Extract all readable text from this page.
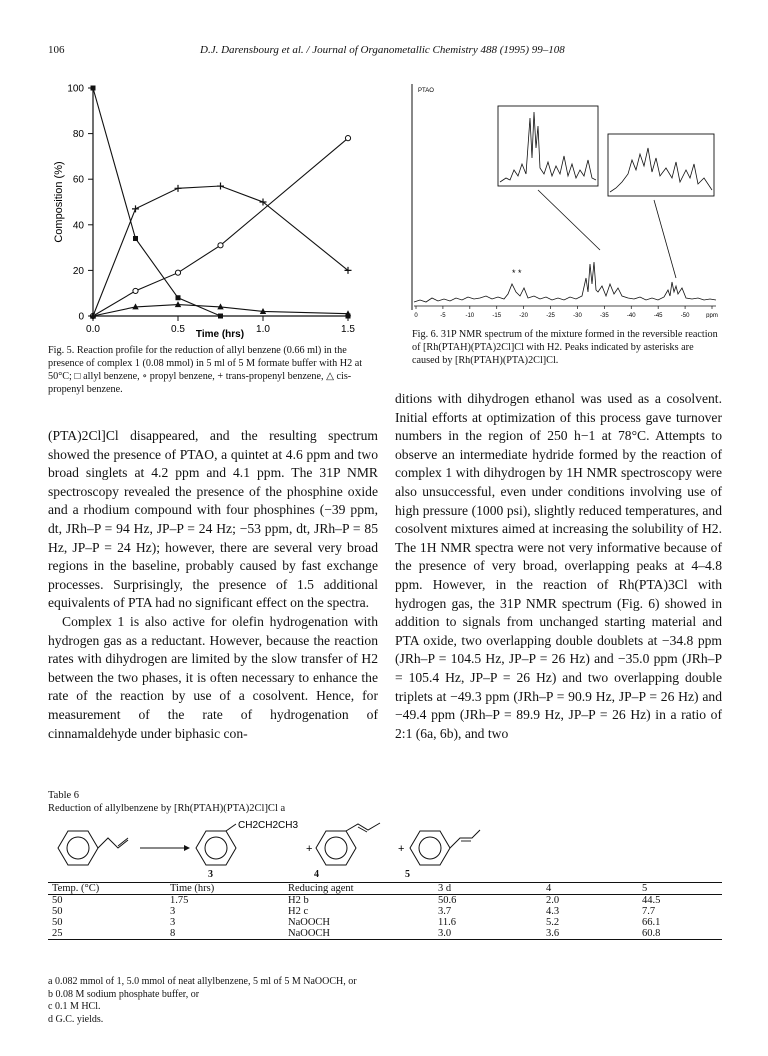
106	D.J. Darensbourg et al. / Journal of Organometallic Chemistry 488 (1995) 99–108
0
20
40
60
80
100
0.0	0.5	1.0	1.5
Composition (%)
Time (hrs)
Fig. 5. Reaction profile for the reduction of allyl benzene (0.66 ml) in the presence of complex 1 (0.08 mmol) in 5 ml of 5 M formate buffer with H2 at 50°C; □ allyl benzene, ∘ propyl benzene, + trans-propenyl benzene, △ cis-propenyl benzene.
PTAO
* *
0	-5	-10	-15	-20	-25	-30	-35	-40	-45	-50	ppm
Fig. 6. 31P NMR spectrum of the mixture formed in the reversible reaction of [Rh(PTAH)(PTA)2Cl]Cl with H2. Peaks indicated by asterisks are caused by [Rh(PTAH)(PTA)2Cl]Cl.

(PTA)2Cl]Cl disappeared, and the resulting spectrum showed the presence of PTAO, a quintet at 4.6 ppm and two broad singlets at 4.2 ppm and 4.1 ppm. The 31P NMR spectroscopy revealed the presence of the phosphine oxide and a rhodium compound with four phosphines (−39 ppm, dt, JRh–P = 94 Hz, JP–P = 24 Hz; −53 ppm, dt, JRh–P = 85 Hz, JP–P = 24 Hz); however, there are several very broad regions in the baseline, probably caused by fast exchange processes. Surprisingly, the presence of 1.5 additional equivalents of PTA had no significant effect on the spectra.

Complex 1 is also active for olefin hydrogenation with hydrogen gas as a reductant. However, because the reaction rates with dihydrogen are limited by the slow transfer of H2 between the two phases, it is often necessary to enhance the rate of the reaction by use of a cosolvent. Hence, for measurement of the rate of hydrogenation of cinnamaldehyde under biphasic con-

ditions with dihydrogen ethanol was used as a cosolvent. Initial efforts at optimization of this process gave turnover numbers in the region of 250 h−1 at 78°C. Attempts to observe an intermediate hydride formed by the reaction of complex 1 with dihydrogen by 1H NMR spectroscopy were also unsuccessful, even under conditions involving use of high pressure (1000 psi), slightly reduced temperatures, and cosolvent mixtures aimed at increasing the solubility of H2. The 1H NMR spectra were not very informative because of the presence of very broad, overlapping peaks at 4–4.8 ppm. However, in the reaction of Rh(PTA)3Cl with hydrogen gas, the 31P NMR spectrum (Fig. 6) showed in addition to signals from unchanged starting material and PTA oxide, two overlapping double doublets at −34.8 ppm (JRh–P = 104.5 Hz, JP–P = 26 Hz) and −35.0 ppm (JRh–P = 105.4 Hz, JP–P = 26 Hz) and two overlapping double triplets at −49.3 ppm (JRh–P = 90.9 Hz, JP–P = 26 Hz) and −49.4 ppm (JRh–P = 89.9 Hz, JP–P = 26 Hz) in a ratio of 2:1 (6a, 6b), and two

Table 6
Reduction of allylbenzene by [Rh(PTAH)(PTA)2Cl]Cl a
CH2CH2CH3
+	+
3	4	5
Temp. (°C)	Time (hrs)	Reducing agent	3 d	4	5
50	1.75	H2 b	50.6	2.0	44.5
50	3	H2 c	3.7	4.3	7.7
50	3	NaOOCH	11.6	5.2	66.1
25	8	NaOOCH	3.0	3.6	60.8
a 0.082 mmol of 1, 5.0 mmol of neat allylbenzene, 5 ml of 5 M NaOOCH, or
b 0.08 M sodium phosphate buffer, or
c 0.1 M HCl.
d G.C. yields.
